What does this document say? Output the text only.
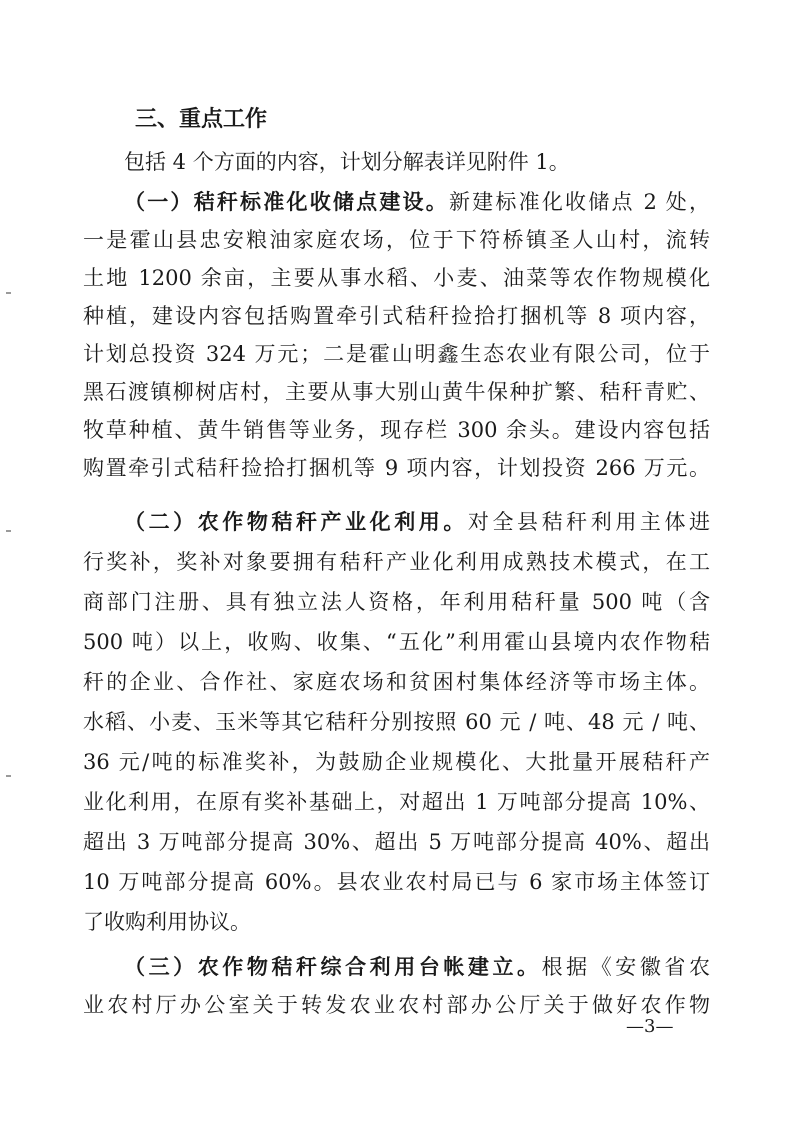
三、重点工作
包括 4 个方面的内容，计划分解表详见附件 1。
（一）秸秆标准化收储点建设。新建标准化收储点 2 处，
一是霍山县忠安粮油家庭农场，位于下符桥镇圣人山村，流转
土地 1200 余亩，主要从事水稻、小麦、油菜等农作物规模化
种植，建设内容包括购置牵引式秸秆捡拾打捆机等 8 项内容，
计划总投资 324 万元；二是霍山明鑫生态农业有限公司，位于
黑石渡镇柳树店村，主要从事大别山黄牛保种扩繁、秸秆青贮、
牧草种植、黄牛销售等业务，现存栏 300 余头。建设内容包括
购置牵引式秸秆捡拾打捆机等 9 项内容，计划投资 266 万元。
（二）农作物秸秆产业化利用。对全县秸秆利用主体进
行奖补，奖补对象要拥有秸秆产业化利用成熟技术模式，在工
商部门注册、具有独立法人资格，年利用秸秆量 500 吨（含
500 吨）以上，收购、收集、“五化”利用霍山县境内农作物秸
秆的企业、合作社、家庭农场和贫困村集体经济等市场主体。
水稻、小麦、玉米等其它秸秆分别按照 60 元 / 吨、48 元 / 吨、
36 元/吨的标准奖补，为鼓励企业规模化、大批量开展秸秆产
业化利用，在原有奖补基础上，对超出 1 万吨部分提高 10%、
超出 3 万吨部分提高 30%、超出 5 万吨部分提高 40%、超出
10 万吨部分提高 60%。县农业农村局已与 6 家市场主体签订
了收购利用协议。
（三）农作物秸秆综合利用台帐建立。根据《安徽省农
业农村厅办公室关于转发农业农村部办公厅关于做好农作物
—3—
